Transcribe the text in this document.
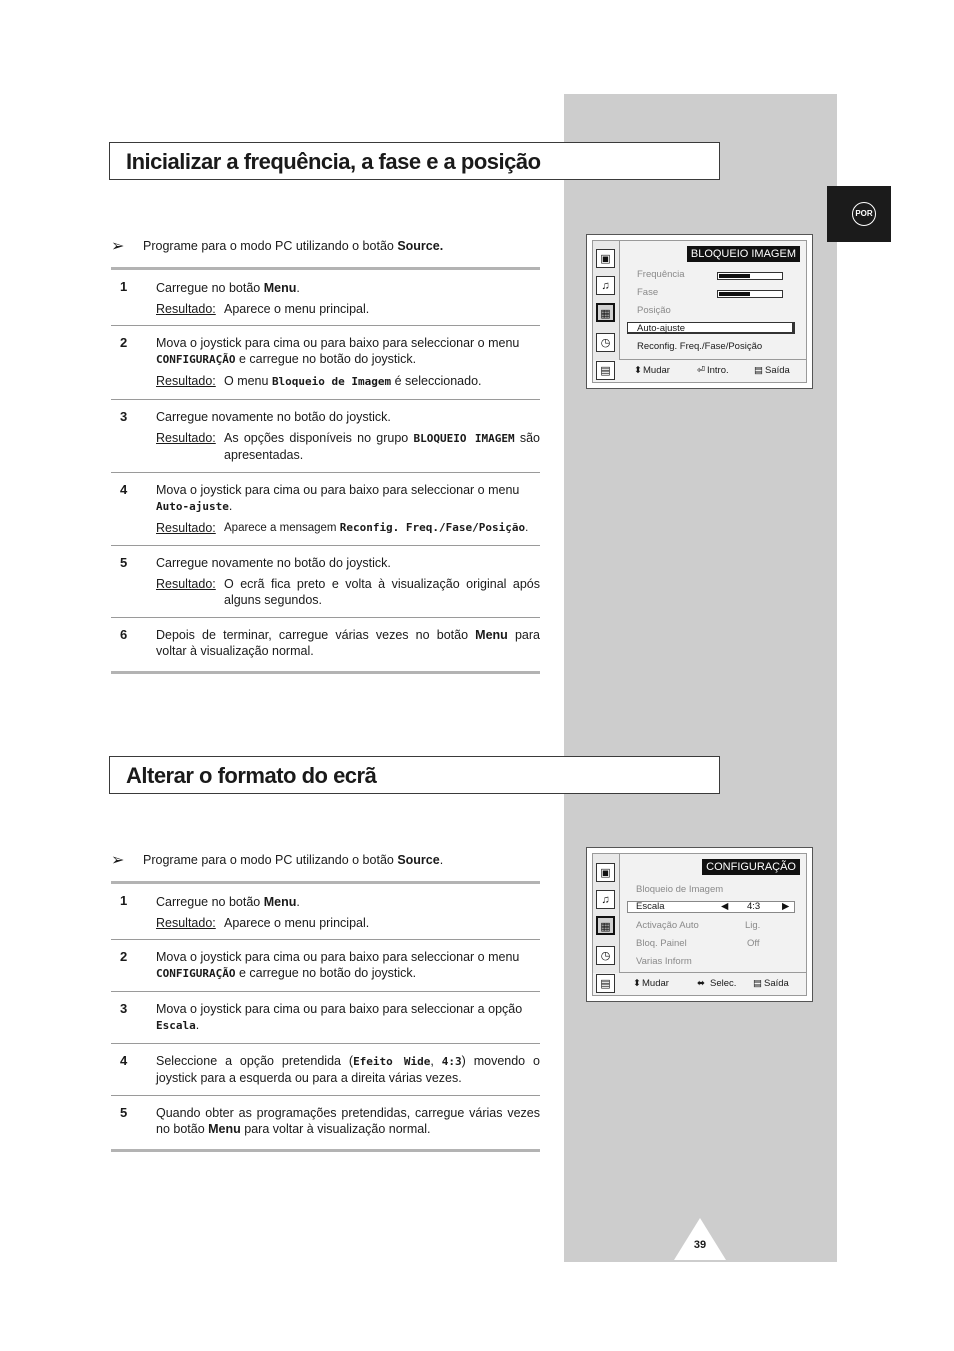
POR
Inicializar a frequência, a fase e a posição
➢ Programe para o modo PC utilizando o botão Source.
1 Carregue no botão Menu.
Resultado: Aparece o menu principal.
2 Mova o joystick para cima ou para baixo para seleccionar o menu
CONFIGURAÇÃO e carregue no botão do joystick.
Resultado: O menu Bloqueio de Imagem é seleccionado.
3 Carregue novamente no botão do joystick.
Resultado: As opções disponíveis no grupo BLOQUEIO IMAGEM são apresentadas.
4 Mova o joystick para cima ou para baixo para seleccionar o menu
Auto-ajuste.
Resultado: Aparece a mensagem Reconfig. Freq./Fase/Posição.
5 Carregue novamente no botão do joystick.
Resultado: O ecrã fica preto e volta à visualização original após alguns segundos.
6 Depois de terminar, carregue várias vezes no botão Menu para voltar à visualização normal.
▣
♫
▦
◷
▤
BLOQUEIO IMAGEM
Frequência
Fase
Posição
Auto-ajuste
Reconfig. Freq./Fase/Posição
⬍ Mudar	⏎ Intro.	▤ Saída
Alterar o formato do ecrã
➢ Programe para o modo PC utilizando o botão Source.
1 Carregue no botão Menu.
Resultado: Aparece o menu principal.
2 Mova o joystick para cima ou para baixo para seleccionar o menu
CONFIGURAÇÃO e carregue no botão do joystick.
3 Mova o joystick para cima ou para baixo para seleccionar a opção
Escala.
4 Seleccione a opção pretendida (Efeito Wide, 4:3) movendo o joystick para a esquerda ou para a direita várias vezes.
5 Quando obter as programações pretendidas, carregue várias vezes no botão Menu para voltar à visualização normal.
▣
♫
▦
◷
▤
CONFIGURAÇÃO
Bloqueio de Imagem
Escala	◀ 4:3 ▶
Activação Auto	Lig.
Bloq. Painel	Off
Varias Inform
⬍ Mudar	⬌ Selec. ▤ Saída
39
